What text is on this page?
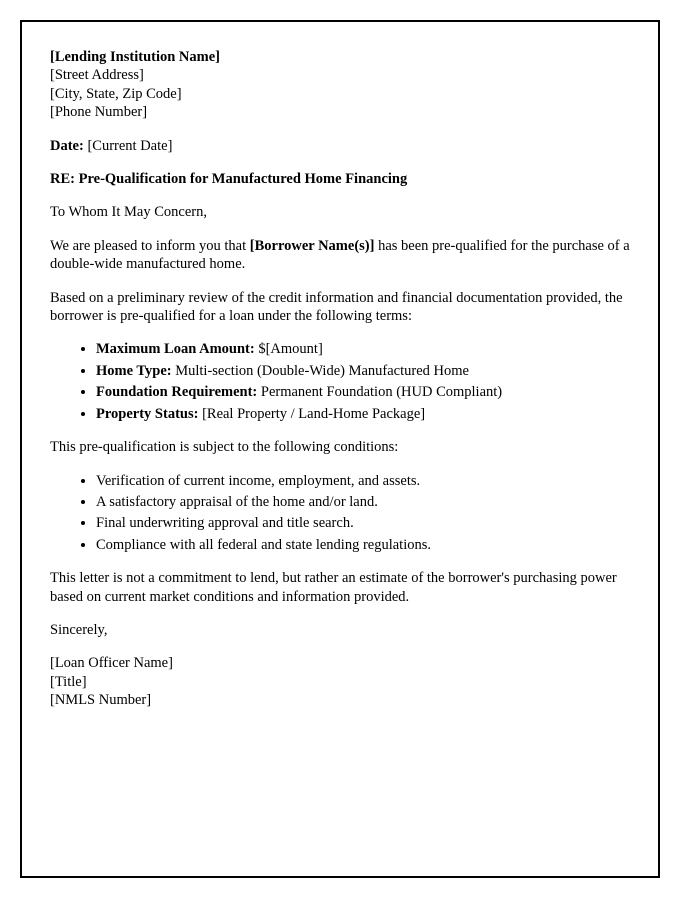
[Lending Institution Name]
[Street Address]
[City, State, Zip Code]
[Phone Number]

Date: [Current Date]

RE: Pre-Qualification for Manufactured Home Financing

To Whom It May Concern,

We are pleased to inform you that [Borrower Name(s)] has been pre-qualified for the purchase of a double-wide manufactured home.

Based on a preliminary review of the credit information and financial documentation provided, the borrower is pre-qualified for a loan under the following terms:

• Maximum Loan Amount: $[Amount]
• Home Type: Multi-section (Double-Wide) Manufactured Home
• Foundation Requirement: Permanent Foundation (HUD Compliant)
• Property Status: [Real Property / Land-Home Package]

This pre-qualification is subject to the following conditions:

• Verification of current income, employment, and assets.
• A satisfactory appraisal of the home and/or land.
• Final underwriting approval and title search.
• Compliance with all federal and state lending regulations.

This letter is not a commitment to lend, but rather an estimate of the borrower's purchasing power based on current market conditions and information provided.

Sincerely,

[Loan Officer Name]
[Title]
[NMLS Number]
